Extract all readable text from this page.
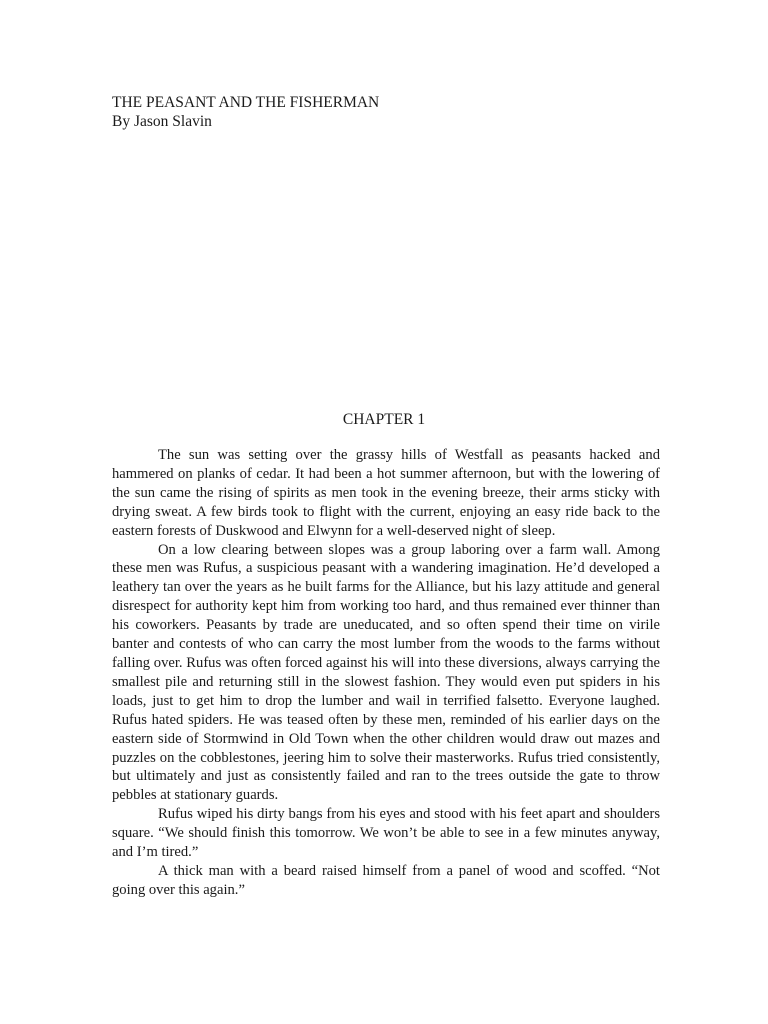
THE PEASANT AND THE FISHERMAN
By Jason Slavin
CHAPTER 1

The sun was setting over the grassy hills of Westfall as peasants hacked and hammered on planks of cedar. It had been a hot summer afternoon, but with the lowering of the sun came the rising of spirits as men took in the evening breeze, their arms sticky with drying sweat. A few birds took to flight with the current, enjoying an easy ride back to the eastern forests of Duskwood and Elwynn for a well-deserved night of sleep.

On a low clearing between slopes was a group laboring over a farm wall. Among these men was Rufus, a suspicious peasant with a wandering imagination. He’d developed a leathery tan over the years as he built farms for the Alliance, but his lazy attitude and general disrespect for authority kept him from working too hard, and thus remained ever thinner than his coworkers. Peasants by trade are uneducated, and so often spend their time on virile banter and contests of who can carry the most lumber from the woods to the farms without falling over. Rufus was often forced against his will into these diversions, always carrying the smallest pile and returning still in the slowest fashion. They would even put spiders in his loads, just to get him to drop the lumber and wail in terrified falsetto. Everyone laughed. Rufus hated spiders. He was teased often by these men, reminded of his earlier days on the eastern side of Stormwind in Old Town when the other children would draw out mazes and puzzles on the cobblestones, jeering him to solve their masterworks. Rufus tried consistently, but ultimately and just as consistently failed and ran to the trees outside the gate to throw pebbles at stationary guards.

Rufus wiped his dirty bangs from his eyes and stood with his feet apart and shoulders square. “We should finish this tomorrow. We won’t be able to see in a few minutes anyway, and I’m tired.”

A thick man with a beard raised himself from a panel of wood and scoffed. “Not going over this again.”
